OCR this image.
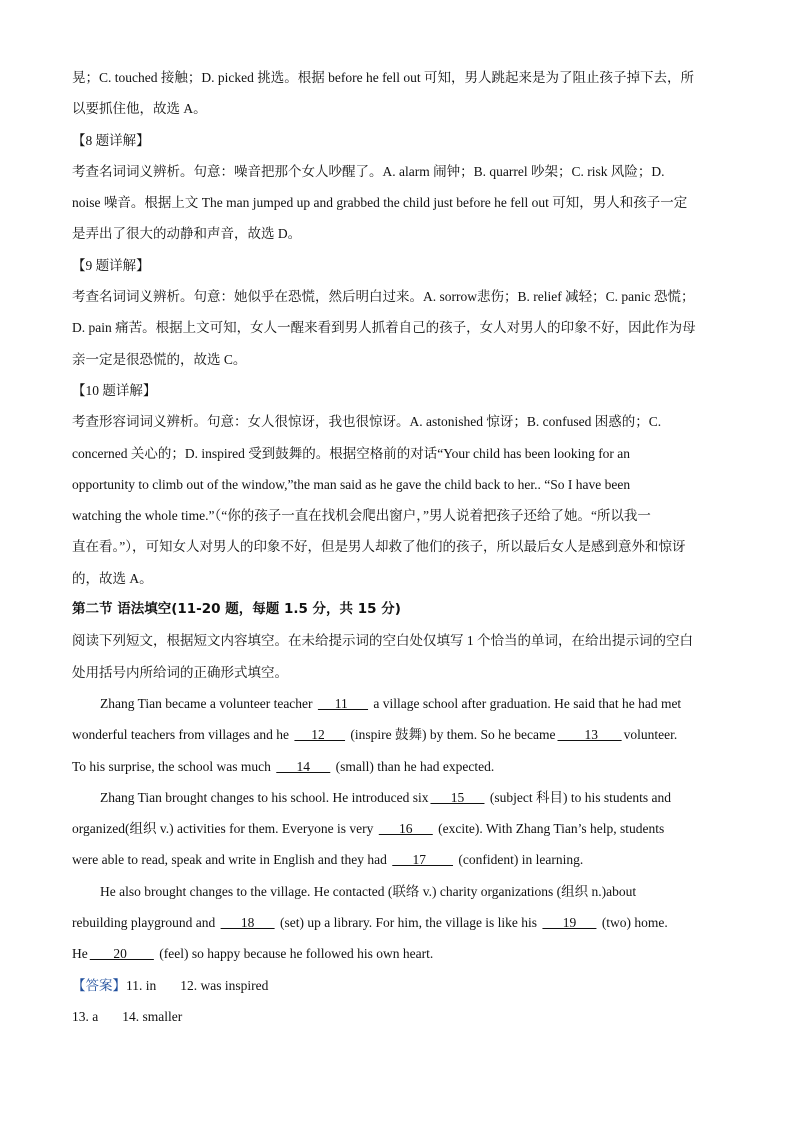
晃；C. touched 接触；D. picked 挑选。根据 before he fell out 可知，男人跳起来是为了阻止孩子掉下去，所
以要抓住他，故选 A。
【8 题详解】
考查名词词义辨析。句意：噪音把那个女人吵醒了。A. alarm 闹钟；B. quarrel 吵架；C. risk 风险；D.
noise 噪音。根据上文 The man jumped up and grabbed the child just before he fell out 可知，男人和孩子一定
是弄出了很大的动静和声音，故选 D。
【9 题详解】
考查名词词义辨析。句意：她似乎在恐慌，然后明白过来。A. sorrow悲伤；B. relief 减轻；C. panic 恐慌；
D. pain 痛苦。根据上文可知，女人一醒来看到男人抓着自己的孩子，女人对男人的印象不好，因此作为母
亲一定是很恐慌的，故选 C。
【10 题详解】
考查形容词词义辨析。句意：女人很惊讶，我也很惊讶。A. astonished 惊讶；B. confused 困惑的；C.
concerned 关心的；D. inspired 受到鼓舞的。根据空格前的对话“Your child has been looking for an
opportunity to climb out of the window,”the man said as he gave the child back to her.. “So I have been
watching the whole time.”（“你的孩子一直在找机会爬出窗户，”男人说着把孩子还给了她。“所以我一
直在看。”），可知女人对男人的印象不好，但是男人却救了他们的孩子，所以最后女人是感到意外和惊讶
的，故选 A。
第二节 语法填空(11-20 题，每题 1.5 分，共 15 分)
阅读下列短文，根据短文内容填空。在未给提示词的空白处仅填写 1 个恰当的单词，在给出提示词的空白
处用括号内所给词的正确形式填空。
Zhang Tian became a volunteer teacher      11       a village school after graduation. He said that he had met
wonderful teachers from villages and he      12       (inspire 鼓舞) by them. So he became        13       volunteer.
To his surprise, the school was much       14       (small) than he had expected.
Zhang Tian brought changes to his school. He introduced six      15       (subject 科目) to his students and
organized(组织 v.) activities for them. Everyone is very       16       (excite). With Zhang Tian’s help, students
were able to read, speak and write in English and they had       17         (confident) in learning.
He also brought changes to the village. He contacted (联络 v.) charity organizations (组织 n.)about
rebuilding playground and       18       (set) up a library. For him, the village is like his       19       (two) home.
He       20         (feel) so happy because he followed his own heart.
【答案】11. in 12. was inspired
13. a 14. smaller
